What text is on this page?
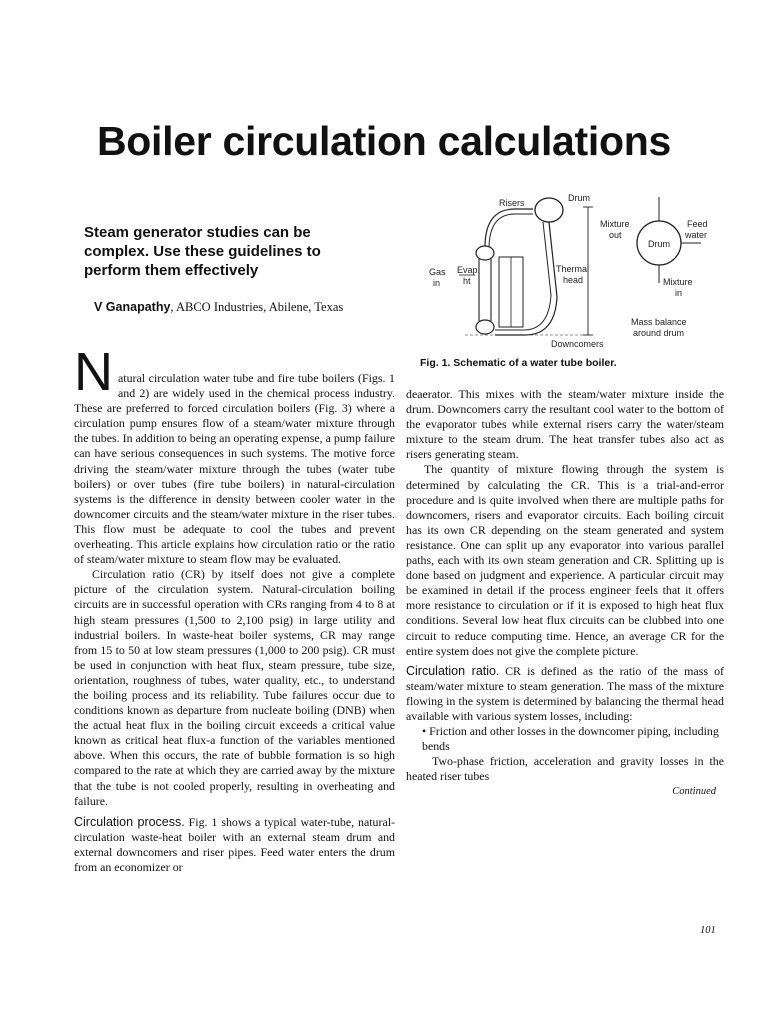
Boiler circulation calculations
Steam generator studies can be complex. Use these guidelines to perform them effectively
V Ganapathy, ABCO Industries, Abilene, Texas
Risers	Drum
Gas
in
Evap.
ht
Thermal
head
Downcomers
Mixture
out
Drum
Feed
water
Mixture
in
Mass balance
around drum
Fig. 1. Schematic of a water tube boiler.

Natural circulation water tube and fire tube boilers (Figs. 1 and 2) are widely used in the chemical process industry. These are preferred to forced circulation boilers (Fig. 3) where a circulation pump ensures flow of a steam/water mixture through the tubes. In addition to being an operating expense, a pump failure can have serious consequences in such systems. The motive force driving the steam/water mixture through the tubes (water tube boilers) or over tubes (fire tube boilers) in natural-circulation systems is the difference in density between cooler water in the downcomer circuits and the steam/water mixture in the riser tubes. This flow must be adequate to cool the tubes and prevent overheating. This article explains how circulation ratio or the ratio of steam/water mixture to steam flow may be evaluated.

Circulation ratio (CR) by itself does not give a complete picture of the circulation system. Natural-circulation boiling circuits are in successful operation with CRs ranging from 4 to 8 at high steam pressures (1,500 to 2,100 psig) in large utility and industrial boilers. In waste-heat boiler systems, CR may range from 15 to 50 at low steam pressures (1,000 to 200 psig). CR must be used in conjunction with heat flux, steam pressure, tube size, orientation, roughness of tubes, water quality, etc., to understand the boiling process and its reliability. Tube failures occur due to conditions known as departure from nucleate boiling (DNB) when the actual heat flux in the boiling circuit exceeds a critical value known as critical heat flux-a function of the variables mentioned above. When this occurs, the rate of bubble formation is so high compared to the rate at which they are carried away by the mixture that the tube is not cooled properly, resulting in overheating and failure.

Circulation process. Fig. 1 shows a typical water-tube, natural-circulation waste-heat boiler with an external steam drum and external downcomers and riser pipes. Feed water enters the drum from an economizer or

deaerator. This mixes with the steam/water mixture inside the drum. Downcomers carry the resultant cool water to the bottom of the evaporator tubes while external risers carry the water/steam mixture to the steam drum. The heat transfer tubes also act as risers generating steam.

The quantity of mixture flowing through the system is determined by calculating the CR. This is a trial-and-error procedure and is quite involved when there are multiple paths for downcomers, risers and evaporator circuits. Each boiling circuit has its own CR depending on the steam generated and system resistance. One can split up any evaporator into various parallel paths, each with its own steam generation and CR. Splitting up is done based on judgment and experience. A particular circuit may be examined in detail if the process engineer feels that it offers more resistance to circulation or if it is exposed to high heat flux conditions. Several low heat flux circuits can be clubbed into one circuit to reduce computing time. Hence, an average CR for the entire system does not give the complete picture.

Circulation ratio. CR is defined as the ratio of the mass of steam/water mixture to steam generation. The mass of the mixture flowing in the system is determined by balancing the thermal head available with various system losses, including:

• Friction and other losses in the downcomer piping, including bends

Two-phase friction, acceleration and gravity losses in the heated riser tubes

Continued

101
